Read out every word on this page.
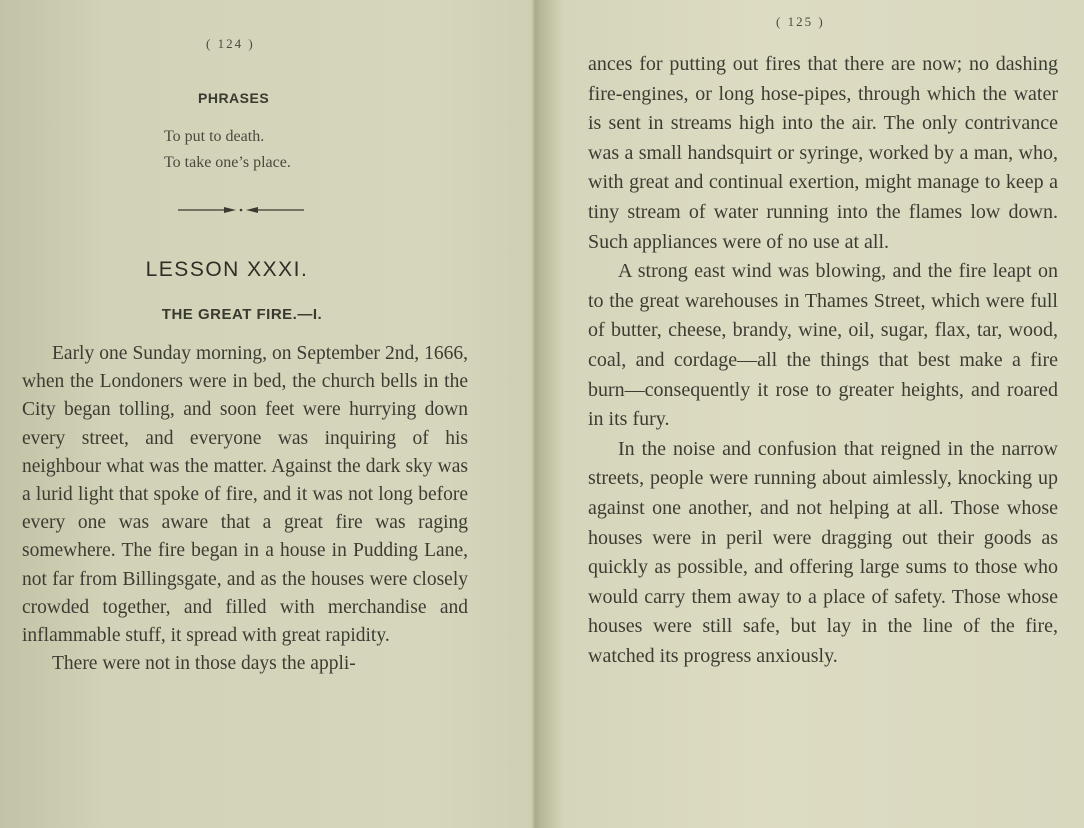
( 124 )
PHRASES
To put to death.
To take one’s place.
LESSON XXXI.
THE GREAT FIRE.—I.

Early one Sunday morning, on September 2nd, 1666, when the Londoners were in bed, the church bells in the City began tolling, and soon feet were hurrying down every street, and everyone was inquiring of his neighbour what was the matter. Against the dark sky was a lurid light that spoke of fire, and it was not long before every one was aware that a great fire was raging somewhere. The fire began in a house in Pudding Lane, not far from Billingsgate, and as the houses were closely crowded together, and filled with merchandise and inflammable stuff, it spread with great rapidity.

There were not in those days the appli-

( 125 )

ances for putting out fires that there are now; no dashing fire-engines, or long hose-pipes, through which the water is sent in streams high into the air. The only contrivance was a small handsquirt or syringe, worked by a man, who, with great and continual exertion, might manage to keep a tiny stream of water running into the flames low down. Such appliances were of no use at all.

A strong east wind was blowing, and the fire leapt on to the great warehouses in Thames Street, which were full of butter, cheese, brandy, wine, oil, sugar, flax, tar, wood, coal, and cordage—all the things that best make a fire burn—consequently it rose to greater heights, and roared in its fury.

In the noise and confusion that reigned in the narrow streets, people were running about aimlessly, knocking up against one another, and not helping at all. Those whose houses were in peril were dragging out their goods as quickly as possible, and offering large sums to those who would carry them away to a place of safety. Those whose houses were still safe, but lay in the line of the fire, watched its progress anxiously.
